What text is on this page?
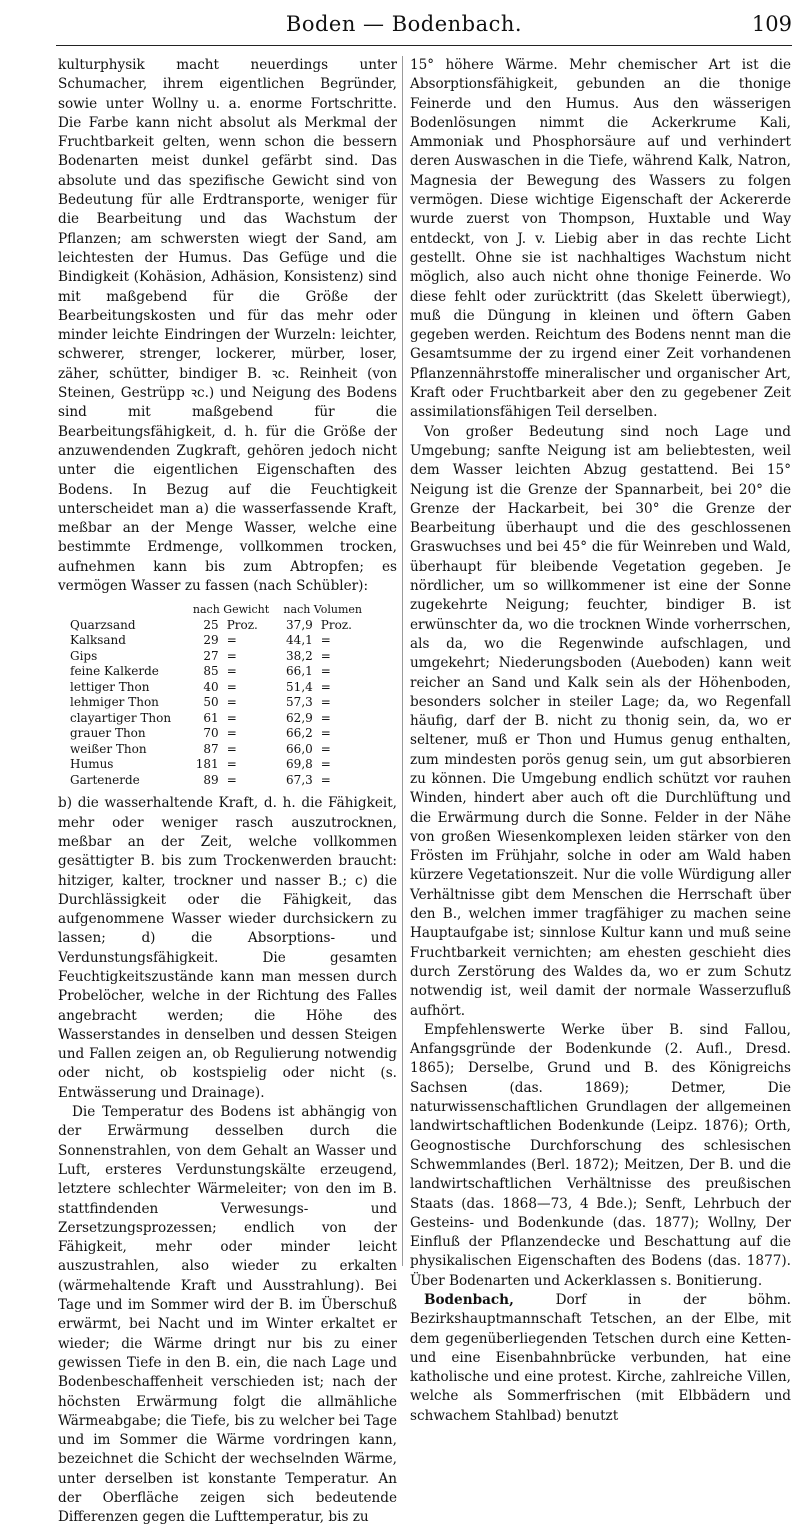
Boden — Bodenbach.	109

kulturphysik macht neuerdings unter Schumacher, ihrem eigentlichen Begründer, sowie unter Wollny u. a. enorme Fortschritte. Die Farbe kann nicht absolut als Merkmal der Fruchtbarkeit gelten, wenn schon die bessern Bodenarten meist dunkel gefärbt sind. Das absolute und das spezifische Gewicht sind von Bedeutung für alle Erdtransporte, weniger für die Bearbeitung und das Wachstum der Pflanzen; am schwersten wiegt der Sand, am leichtesten der Humus. Das Gefüge und die Bindigkeit (Kohäsion, Adhäsion, Konsistenz) sind mit maßgebend für die Größe der Bearbeitungskosten und für das mehr oder minder leichte Eindringen der Wurzeln: leichter, schwerer, strenger, lockerer, mürber, loser, zäher, schütter, bindiger B. ꝛc. Reinheit (von Steinen, Gestrüpp ꝛc.) und Neigung des Bodens sind mit maßgebend für die Bearbeitungsfähigkeit, d. h. für die Größe der anzuwendenden Zugkraft, gehören jedoch nicht unter die eigentlichen Eigenschaften des Bodens. In Bezug auf die Feuchtigkeit unterscheidet man a) die wasserfassende Kraft, meßbar an der Menge Wasser, welche eine bestimmte Erdmenge, vollkommen trocken, aufnehmen kann bis zum Abtropfen; es vermögen Wasser zu fassen (nach Schübler):

	nach Gewicht		nach Volumen	
Quarzsand	25	Proz.	37,9	Proz.
Kalksand	29	=	44,1	=
Gips	27	=	38,2	=
feine Kalkerde	85	=	66,1	=
lettiger Thon	40	=	51,4	=
lehmiger Thon	50	=	57,3	=
clayartiger Thon	61	=	62,9	=
grauer Thon	70	=	66,2	=
weißer Thon	87	=	66,0	=
Humus	181	=	69,8	=
Gartenerde	89	=	67,3	=

b) die wasserhaltende Kraft, d. h. die Fähigkeit, mehr oder weniger rasch auszutrocknen, meßbar an der Zeit, welche vollkommen gesättigter B. bis zum Trockenwerden braucht: hitziger, kalter, trockner und nasser B.; c) die Durchlässigkeit oder die Fähigkeit, das aufgenommene Wasser wieder durchsickern zu lassen; d) die Absorptions- und Verdunstungsfähigkeit. Die gesamten Feuchtigkeitszustände kann man messen durch Probelöcher, welche in der Richtung des Falles angebracht werden; die Höhe des Wasserstandes in denselben und dessen Steigen und Fallen zeigen an, ob Regulierung notwendig oder nicht, ob kostspielig oder nicht (s. Entwässerung und Drainage).

Die Temperatur des Bodens ist abhängig von der Erwärmung desselben durch die Sonnenstrahlen, von dem Gehalt an Wasser und Luft, ersteres Verdunstungskälte erzeugend, letztere schlechter Wärmeleiter; von den im B. stattfindenden Verwesungs- und Zersetzungsprozessen; endlich von der Fähigkeit, mehr oder minder leicht auszustrahlen, also wieder zu erkalten (wärmehaltende Kraft und Ausstrahlung). Bei Tage und im Sommer wird der B. im Überschuß erwärmt, bei Nacht und im Winter erkaltet er wieder; die Wärme dringt nur bis zu einer gewissen Tiefe in den B. ein, die nach Lage und Bodenbeschaffenheit verschieden ist; nach der höchsten Erwärmung folgt die allmähliche Wärmeabgabe; die Tiefe, bis zu welcher bei Tage und im Sommer die Wärme vordringen kann, bezeichnet die Schicht der wechselnden Wärme, unter derselben ist konstante Temperatur. An der Oberfläche zeigen sich bedeutende Differenzen gegen die Lufttemperatur, bis zu

15° höhere Wärme. Mehr chemischer Art ist die Absorptionsfähigkeit, gebunden an die thonige Feinerde und den Humus. Aus den wässerigen Bodenlösungen nimmt die Ackerkrume Kali, Ammoniak und Phosphorsäure auf und verhindert deren Auswaschen in die Tiefe, während Kalk, Natron, Magnesia der Bewegung des Wassers zu folgen vermögen. Diese wichtige Eigenschaft der Ackererde wurde zuerst von Thompson, Huxtable und Way entdeckt, von J. v. Liebig aber in das rechte Licht gestellt. Ohne sie ist nachhaltiges Wachstum nicht möglich, also auch nicht ohne thonige Feinerde. Wo diese fehlt oder zurücktritt (das Skelett überwiegt), muß die Düngung in kleinen und öftern Gaben gegeben werden. Reichtum des Bodens nennt man die Gesamtsumme der zu irgend einer Zeit vorhandenen Pflanzennährstoffe mineralischer und organischer Art, Kraft oder Fruchtbarkeit aber den zu gegebener Zeit assimilationsfähigen Teil derselben.

Von großer Bedeutung sind noch Lage und Umgebung; sanfte Neigung ist am beliebtesten, weil dem Wasser leichten Abzug gestattend. Bei 15° Neigung ist die Grenze der Spannarbeit, bei 20° die Grenze der Hackarbeit, bei 30° die Grenze der Bearbeitung überhaupt und die des geschlossenen Graswuchses und bei 45° die für Weinreben und Wald, überhaupt für bleibende Vegetation gegeben. Je nördlicher, um so willkommener ist eine der Sonne zugekehrte Neigung; feuchter, bindiger B. ist erwünschter da, wo die trocknen Winde vorherrschen, als da, wo die Regenwinde aufschlagen, und umgekehrt; Niederungsboden (Aueboden) kann weit reicher an Sand und Kalk sein als der Höhenboden, besonders solcher in steiler Lage; da, wo Regenfall häufig, darf der B. nicht zu thonig sein, da, wo er seltener, muß er Thon und Humus genug enthalten, zum mindesten porös genug sein, um gut absorbieren zu können. Die Umgebung endlich schützt vor rauhen Winden, hindert aber auch oft die Durchlüftung und die Erwärmung durch die Sonne. Felder in der Nähe von großen Wiesenkomplexen leiden stärker von den Frösten im Frühjahr, solche in oder am Wald haben kürzere Vegetationszeit. Nur die volle Würdigung aller Verhältnisse gibt dem Menschen die Herrschaft über den B., welchen immer tragfähiger zu machen seine Hauptaufgabe ist; sinnlose Kultur kann und muß seine Fruchtbarkeit vernichten; am ehesten geschieht dies durch Zerstörung des Waldes da, wo er zum Schutz notwendig ist, weil damit der normale Wasserzufluß aufhört.

Empfehlenswerte Werke über B. sind Fallou, Anfangsgründe der Bodenkunde (2. Aufl., Dresd. 1865); Derselbe, Grund und B. des Königreichs Sachsen (das. 1869); Detmer, Die naturwissenschaftlichen Grundlagen der allgemeinen landwirtschaftlichen Bodenkunde (Leipz. 1876); Orth, Geognostische Durchforschung des schlesischen Schwemmlandes (Berl. 1872); Meitzen, Der B. und die landwirtschaftlichen Verhältnisse des preußischen Staats (das. 1868—73, 4 Bde.); Senft, Lehrbuch der Gesteins- und Bodenkunde (das. 1877); Wollny, Der Einfluß der Pflanzendecke und Beschattung auf die physikalischen Eigenschaften des Bodens (das. 1877). Über Bodenarten und Ackerklassen s. Bonitierung.

Bodenbach, Dorf in der böhm. Bezirkshauptmannschaft Tetschen, an der Elbe, mit dem gegenüberliegenden Tetschen durch eine Ketten- und eine Eisenbahnbrücke verbunden, hat eine katholische und eine protest. Kirche, zahlreiche Villen, welche als Sommerfrischen (mit Elbbädern und schwachem Stahlbad) benutzt
